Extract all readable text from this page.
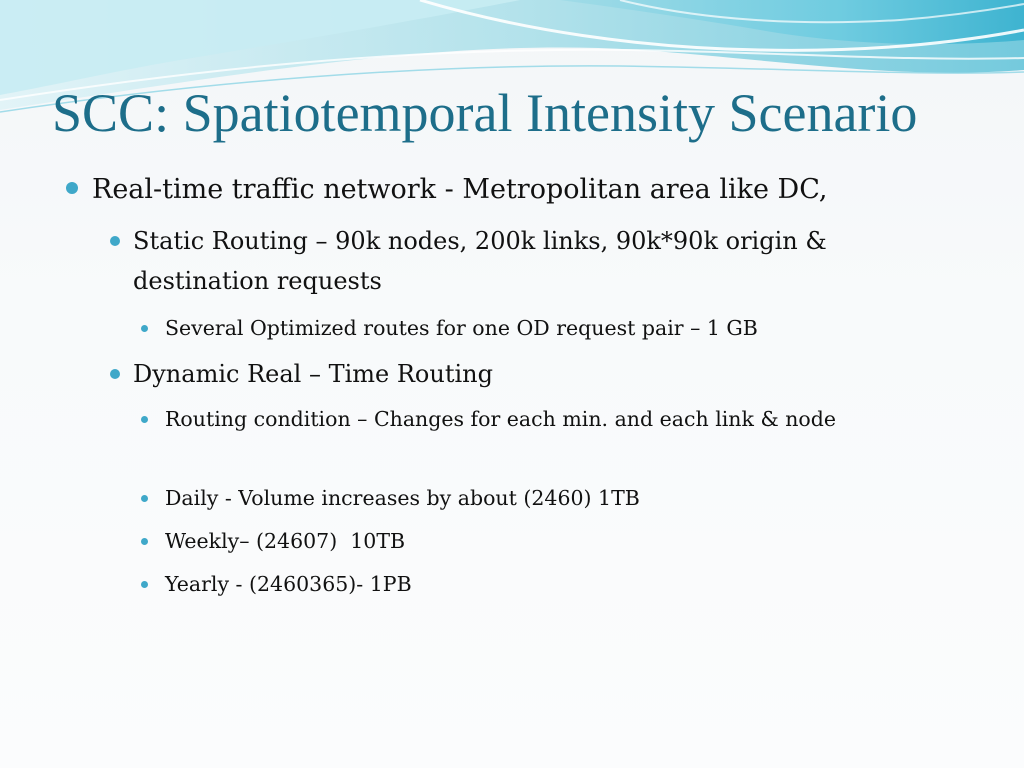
SCC: Spatiotemporal Intensity Scenario
Real-time traffic network - Metropolitan area like DC,
Static Routing – 90k nodes, 200k links, 90k*90k origin & destination requests
Several Optimized routes for one OD request pair – 1 GB
Dynamic Real – Time Routing
Routing condition – Changes for each min. and each link & node
Daily - Volume increases by about (2460) 1TB
Weekly– (24607)  10TB
Yearly - (2460365)- 1PB
